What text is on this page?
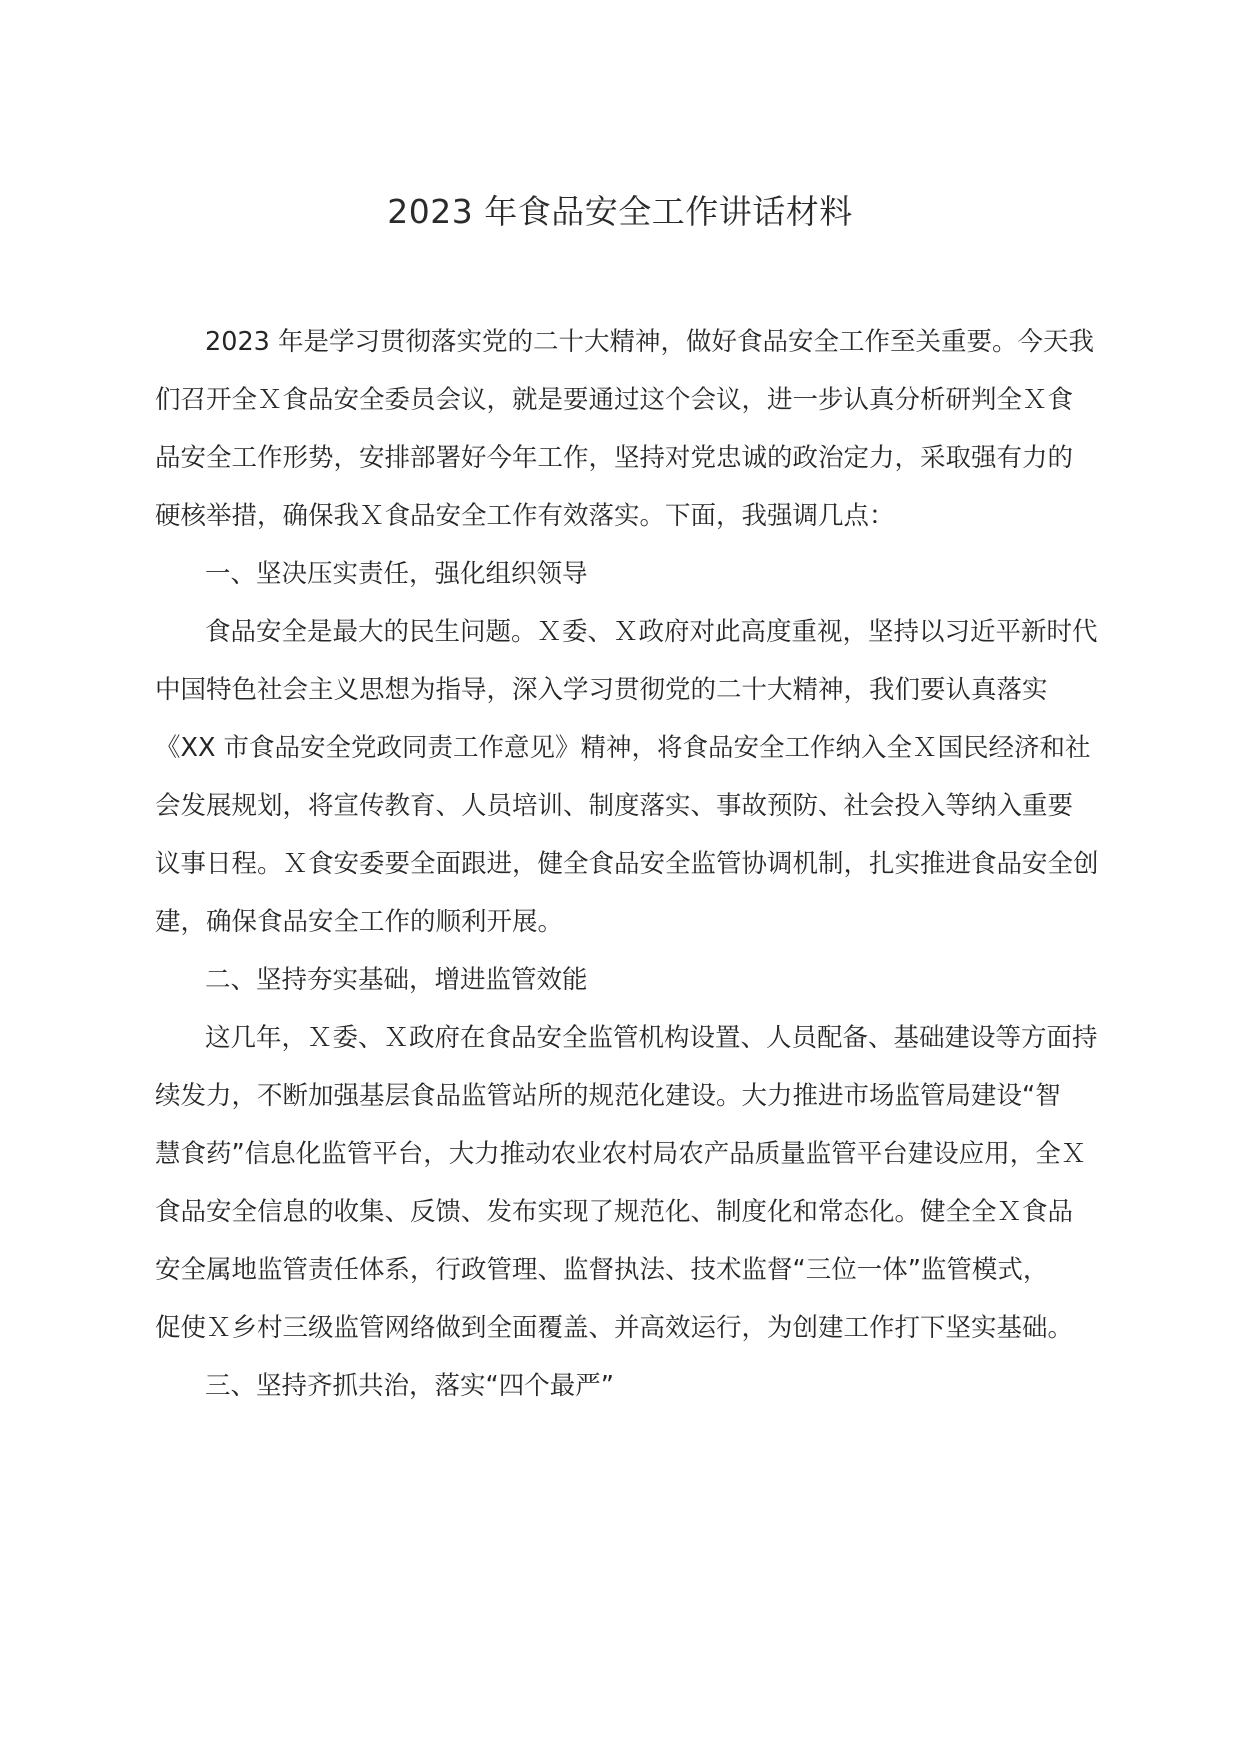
2023 年食品安全工作讲话材料
2023 年是学习贯彻落实党的二十大精神，做好食品安全工作至关重要。今天我
们召开全Ｘ食品安全委员会议，就是要通过这个会议，进一步认真分析研判全Ｘ食
品安全工作形势，安排部署好今年工作，坚持对党忠诚的政治定力，采取强有力的
硬核举措，确保我Ｘ食品安全工作有效落实。下面，我强调几点：
一、坚决压实责任，强化组织领导
食品安全是最大的民生问题。Ｘ委、Ｘ政府对此高度重视，坚持以习近平新时代
中国特色社会主义思想为指导，深入学习贯彻党的二十大精神，我们要认真落实
《XX 市食品安全党政同责工作意见》精神，将食品安全工作纳入全Ｘ国民经济和社
会发展规划，将宣传教育、人员培训、制度落实、事故预防、社会投入等纳入重要
议事日程。Ｘ食安委要全面跟进，健全食品安全监管协调机制，扎实推进食品安全创
建，确保食品安全工作的顺利开展。
二、坚持夯实基础，增进监管效能
这几年，Ｘ委、Ｘ政府在食品安全监管机构设置、人员配备、基础建设等方面持
续发力，不断加强基层食品监管站所的规范化建设。大力推进市场监管局建设“智
慧食药”信息化监管平台，大力推动农业农村局农产品质量监管平台建设应用，全Ｘ
食品安全信息的收集、反馈、发布实现了规范化、制度化和常态化。健全全Ｘ食品
安全属地监管责任体系，行政管理、监督执法、技术监督“三位一体”监管模式，
促使Ｘ乡村三级监管网络做到全面覆盖、并高效运行，为创建工作打下坚实基础。
三、坚持齐抓共治，落实“四个最严”
